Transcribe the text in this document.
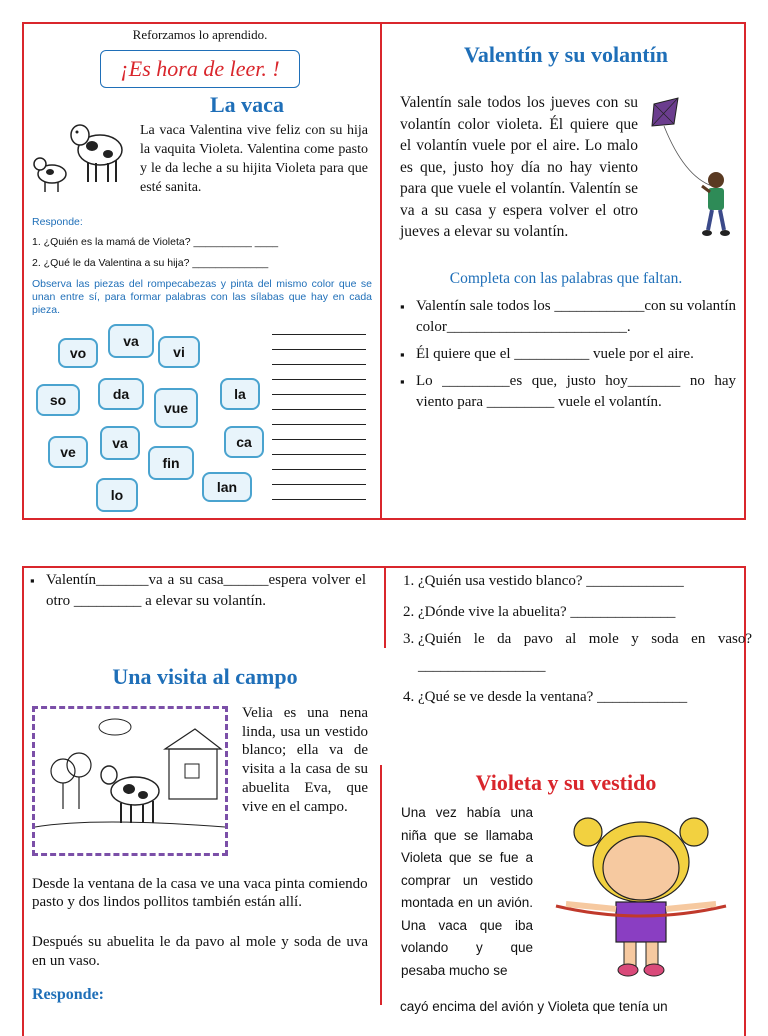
Reforzamos lo aprendido.
¡Es hora de leer. !
La vaca

La vaca Valentina vive feliz con su hija la vaquita Violeta. Valentina come pasto y le da leche a su hijita Violeta para que esté sanita.

Responde:
1. ¿Quién es la mamá de Violeta? __________ ____
2. ¿Qué le da Valentina a su hija? _____________
Observa las piezas del rompecabezas y pinta del mismo color que se unan entre sí, para formar palabras con las sílabas que hay en cada pieza.
vo
va
vi
so	da
vue
la
ve
va	ca
fin
lo	lan
Valentín y su volantín

Valentín sale todos los jueves con su volantín color violeta. Él quiere que el volantín vuele por el aire. Lo malo es que, justo hoy día no hay viento para que vuele el volantín. Valentín se va a su casa y espera volver el otro jueves a elevar su volantín.

Completa con las palabras que faltan.
▪ Valentín sale todos los ____________con su volantín color________________________.
▪ Él quiere que el __________ vuele por el aire.
▪ Lo _________es que, justo hoy_______ no hay viento para _________ vuele el volantín.
▪ Valentín_______va a su casa______espera volver el otro _________ a elevar su volantín.
Una visita al campo

Velia es una nena linda, usa un vestido blanco; ella va de visita a la casa de su abuelita Eva, que vive en el campo.

Desde la ventana de la casa ve una vaca pinta comiendo pasto y dos lindos pollitos también están allí.

Después su abuelita le da pavo al mole y soda de uva en un vaso.

Responde:
1. ¿Quién usa vestido blanco? _____________
2. ¿Dónde vive la abuelita? ______________
3. ¿Quién le da pavo al mole y soda en vaso? _________________
4. ¿Qué se ve desde la ventana? ____________
Violeta y su vestido

Una vez había una niña que se llamaba Violeta que se fue a comprar un vestido montada en un avión. Una vaca que iba volando y que pesaba mucho se

cayó encima del avión y Violeta que tenía un
